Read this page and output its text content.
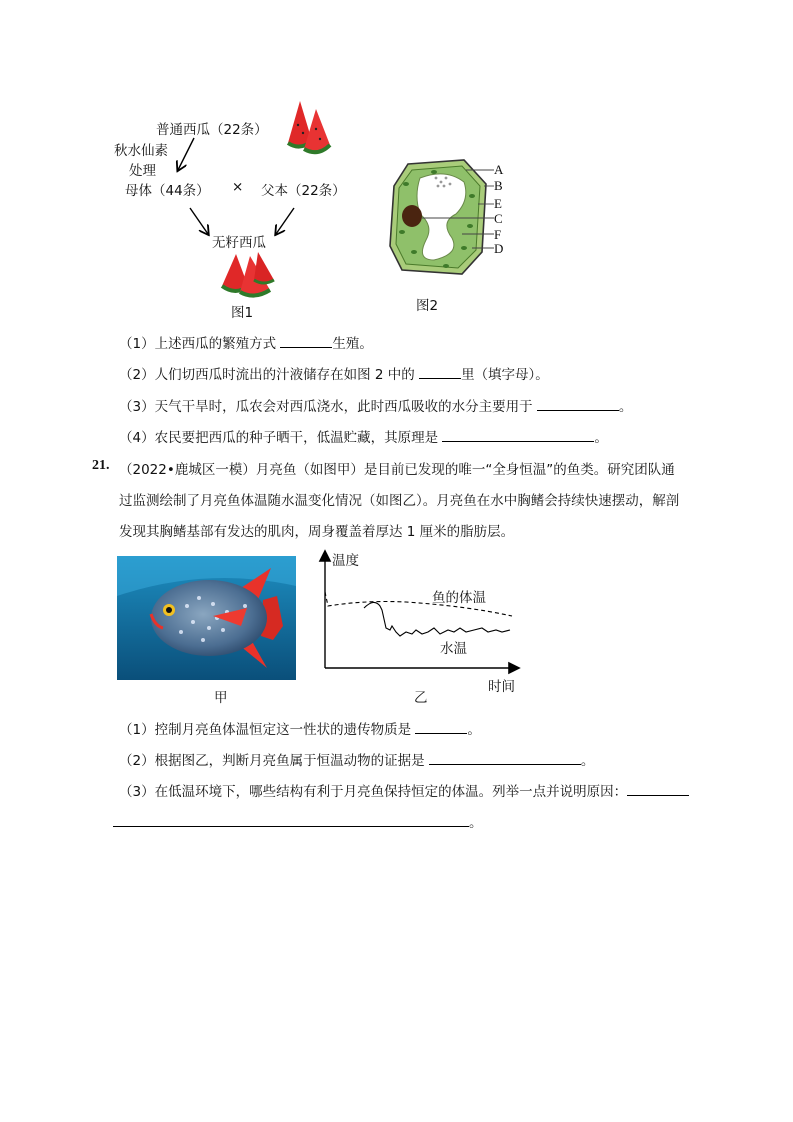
普通西瓜（22条）
秋水仙素
处理
母体（44条） × 父本（22条）
无籽西瓜
图1
A
B
E
C
F
D
图2
（1）上述西瓜的繁殖方式	生殖。
（2）人们切西瓜时流出的汁液储存在如图 2 中的	里（填字母）。
（3）天气干旱时，瓜农会对西瓜浇水，此时西瓜吸收的水分主要用于	。
（4）农民要把西瓜的种子晒干，低温贮藏，其原理是	。
21. （2022•鹿城区一模）月亮鱼（如图甲）是目前已发现的唯一“全身恒温”的鱼类。研究团队通
过监测绘制了月亮鱼体温随水温变化情况（如图乙）。月亮鱼在水中胸鳍会持续快速摆动，解剖
发现其胸鳍基部有发达的肌肉，周身覆盖着厚达 1 厘米的脂肪层。
甲
温度
鱼的体温
水温
时间
乙
（1）控制月亮鱼体温恒定这一性状的遗传物质是	。
（2）根据图乙，判断月亮鱼属于恒温动物的证据是	。
（3）在低温环境下，哪些结构有利于月亮鱼保持恒定的体温。列举一点并说明原因：
。
